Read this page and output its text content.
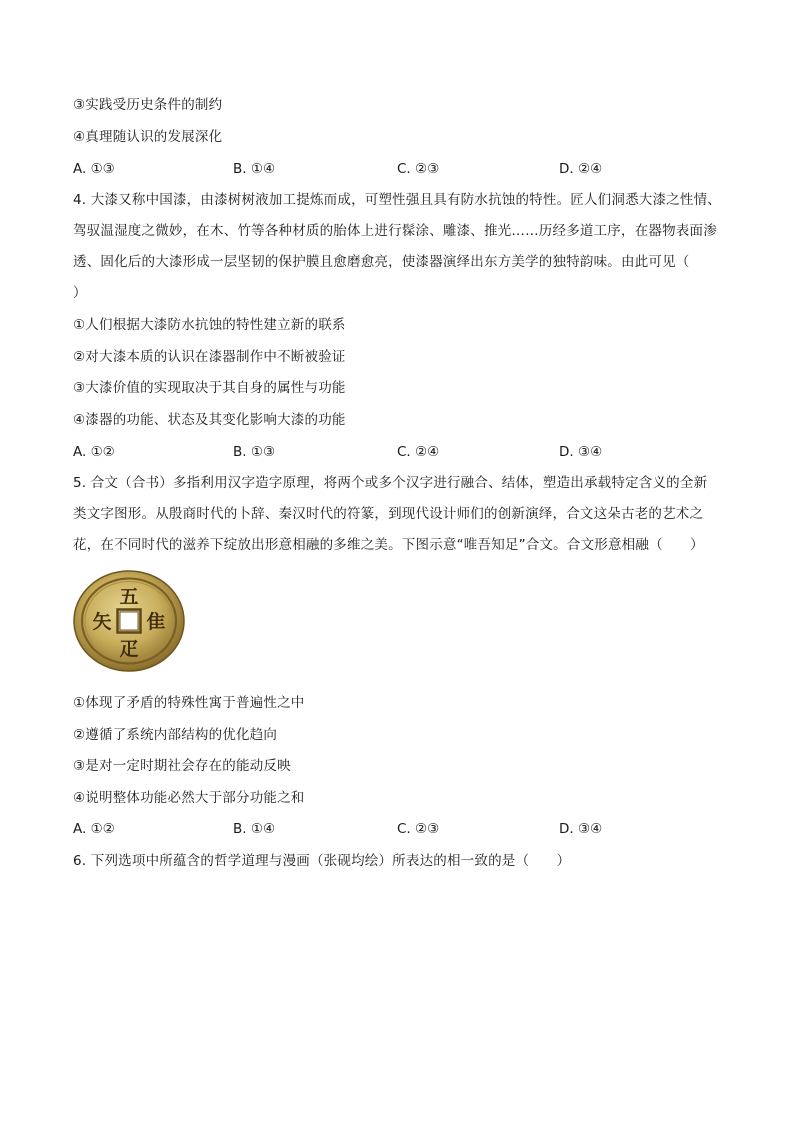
③实践受历史条件的制约
④真理随认识的发展深化
A. ①③	B. ①④	C. ②③	D. ②④
4. 大漆又称中国漆，由漆树树液加工提炼而成，可塑性强且具有防水抗蚀的特性。匠人们洞悉大漆之性情、
驾驭温湿度之微妙，在木、竹等各种材质的胎体上进行髹涂、雕漆、推光……历经多道工序，在器物表面渗
透、固化后的大漆形成一层坚韧的保护膜且愈磨愈亮，使漆器演绎出东方美学的独特韵味。由此可见（
）
①人们根据大漆防水抗蚀的特性建立新的联系
②对大漆本质的认识在漆器制作中不断被验证
③大漆价值的实现取决于其自身的属性与功能
④漆器的功能、状态及其变化影响大漆的功能
A. ①②	B. ①③	C. ②④	D. ③④
5. 合文（合书）多指利用汉字造字原理，将两个或多个汉字进行融合、结体，塑造出承载特定含义的全新
类文字图形。从殷商时代的卜辞、秦汉时代的符篆，到现代设计师们的创新演绎，合文这朵古老的艺术之
花，在不同时代的滋养下绽放出形意相融的多维之美。下图示意“唯吾知足”合文。合文形意相融（　　）
五
隹
疋
矢
①体现了矛盾的特殊性寓于普遍性之中
②遵循了系统内部结构的优化趋向
③是对一定时期社会存在的能动反映
④说明整体功能必然大于部分功能之和
A. ①②	B. ①④	C. ②③	D. ③④
6. 下列选项中所蕴含的哲学道理与漫画（张砚均绘）所表达的相一致的是（　　）
